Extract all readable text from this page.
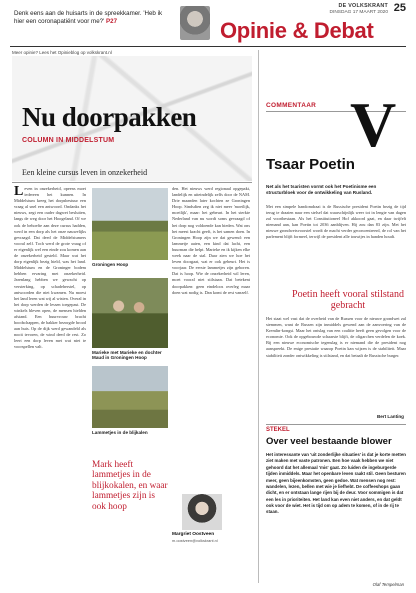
Denk eens aan de huisarts in de spreekkamer. 'Heb ik hier een coronapatiënt voor me?' P27
DE VOLKSKRANT
DINSDAG 17 MAART 2020 25
Opinie & Debat
Meer opinie? Lees het Opinieblog op volkskrant.nl
Nu doorpakken
COLUMN IN MIDDELSTUM
Een kleine cursus leven in onzekerheid
L even in onzekerheid, opeens moet iedereen het kunnen. In Middelstum kreeg het dorpsbestuur een vraag al snel een antwoord. Ondanks het nieuws, zegt een ouder dagwet besluiten, langs de weg door het Hoogeland. Of we ook de behoefte aan deze cursus hadden, werd in een dorp als het onze nauwelijks gevraagd. Dat deed de Middelstumers vooral zelf. Toch werd de grote vraag of er eigenlijk wel een einde zou komen aan de onzekerheid gesteld. Maar wat het dorp eigenlijk bezig hield, was het land. Middelstum en de Groninger bodem hebben ervaring met onzekerheid. Jarenlang hebben we gewacht op versterking, op schadeherstel, op antwoorden die niet kwamen. Nu moest het land leren wat wij al wisten. Overal in het dorp werden de lessen toegepast. De winkels bleven open, de mensen hielden afstand. Een buurvrouw bracht boodschappen, de bakker bezorgde brood aan huis. Op de dijk werd gewandeld als nooit tevoren, de wind deed de rest. Zo leert een dorp leven met wat niet te voorspellen valt.
Groningen Hoop
Marieke met Marieke en dochter Maud in Groningen Hoop
Lammetjes in de blijkalen
Mark heeft lammetjes in de blijkokalen, en waar lammetjes zijn is ook hoop
den. Het nieuws werd regionaal opgepakt, landelijk en uiteindelijk zelfs door de NAM. Drie maanden later kochten ze Groningen Hoop. Sindsdien zeg ik niet meer 'moeilijk, moeilijk', maar: het gebeurt. In het sterkte Nederland van nu wordt soms gevraagd of het dorp nog voldoende kan bieden. Wat ons het meest kracht geeft, is het samen doen. In Groningen Hoop zijn we dat gewend: een lammetje aaien, een kind dat lacht, een buurman die helpt. Marieke en ik kijken elke week naar de stal. Daar zien we hoe het leven doorgaat, wat er ook gebeurt. Het is voorjaar. De eerste lammetjes zijn geboren. Dat is hoop. Wie de onzekerheid wil leren, moet vooral niet stilstaan. Dat betekent doorpakken: geen eindeloos overleg maar doen wat nodig is. Dan komt de rest vanzelf.
Margriet Oostveen
m.oostveen@volkskrant.nl
COMMENTAAR V
Tsaar Poetin
Net als het tsaristen vormt ook het Poetinisme een structurbloek voor de ontwikkeling van Rusland.
Met een simpele handomdraai is de Russische president Poetin bezig de tijd terug te draaien naar een stelsel dat waarschijnlijk weer tot in lengte van dagen zal voortbestaan. Als het Constitutioneel Hof akkoord gaat, en daar twijfelt niemand aan, kan Poetin tot 2036 aanblijven. Hij zou dan 83 zijn. Met het nieuwe grondwetsvoorstel wordt de macht verder geconcentreerd, de rol van het parlement blijft formeel, terwijl de president alle touwtjes in handen houdt.
Poetin heeft vooral stilstand gebracht
Het staat wel vast dat de overheid van de Russen voor de nieuwe grondwet zal stemmen, want de Russen zijn inmiddels gewend aan de aanvoering van de Kremlin-kongsi. Maar het ontslag van een coalitie heeft geen gevolgen voor de economie. Ook de opgebouwde schaarste blijft, de oligarchen verdelen de koek. Bij een nieuwe economische tegenslag is er niemand die de president nog aanspreekt. De enige prestatie waarop Poetin kan wijzen is de stabiliteit. Maar stabiliteit zonder ontwikkeling is stilstand, en dat betaalt de Russische burger.
Bert Lanting
STEKEL
Over veel bestaande blower
Het interessante van 'uit zonderlijke situaties' is dat je korte metten ziet maken met vaste patronen. Een hoe vaak hebben we niet gehoord dat het allemaal 'mis' gaat. Zo luiden de ingeburgerde tijden inmiddels. Maar het openbare leven raakt stil. Geen besturen meer, geen bijeenkomsten, geen gedoe. Wat mensen nog rest: wandelen, lezen, bellen met wie je liefhebt. De coffeeshops gaan dicht, en er ontstaan lange rijen bij de deur. Voor sommigen is dat een les in prioriteiten. Het land kan even niet anders, en dat geldt ook voor de wiet. Het is tijd om op adem te komen, of in de rij te staan.
Olaf Tempelman
